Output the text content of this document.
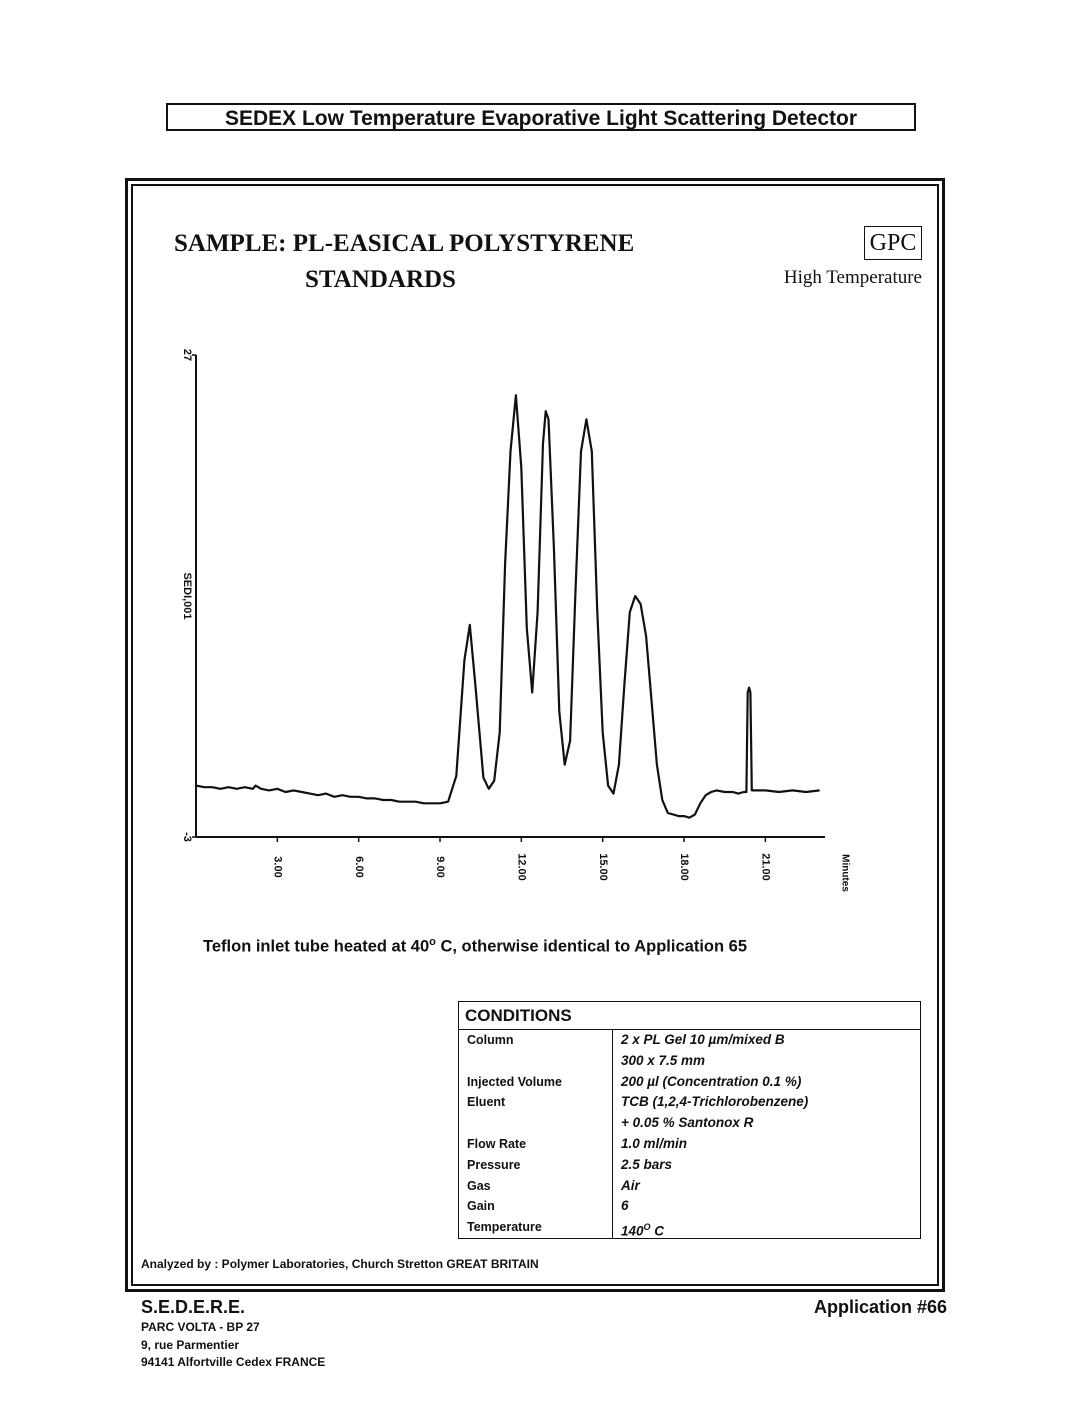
SEDEX Low Temperature Evaporative Light Scattering Detector
SAMPLE: PL-EASICAL POLYSTYRENE
STANDARDS
GPC
High Temperature
27
-3
SEDI,001
3.00	6.00	9.00	12.00	15.00	18.00	21.00	Minutes
Teflon inlet tube heated at 40$^o$ C, otherwise identical to Application 65
CONDITIONS
Column	2 x PL Gel 10 µm/mixed B
300 x 7.5 mm
Injected Volume	200 µl (Concentration 0.1 %)
Eluent	TCB (1,2,4-Trichlorobenzene)
+ 0.05 % Santonox R
Flow Rate	1.0 ml/min
Pressure	2.5 bars
Gas	Air
Gain	6
Temperature	$140^O$ C
Analyzed by : Polymer Laboratories, Church Stretton GREAT BRITAIN
S.E.D.E.R.E.
PARC VOLTA - BP 27
9, rue Parmentier
94141 Alfortville Cedex FRANCE
Application #66
